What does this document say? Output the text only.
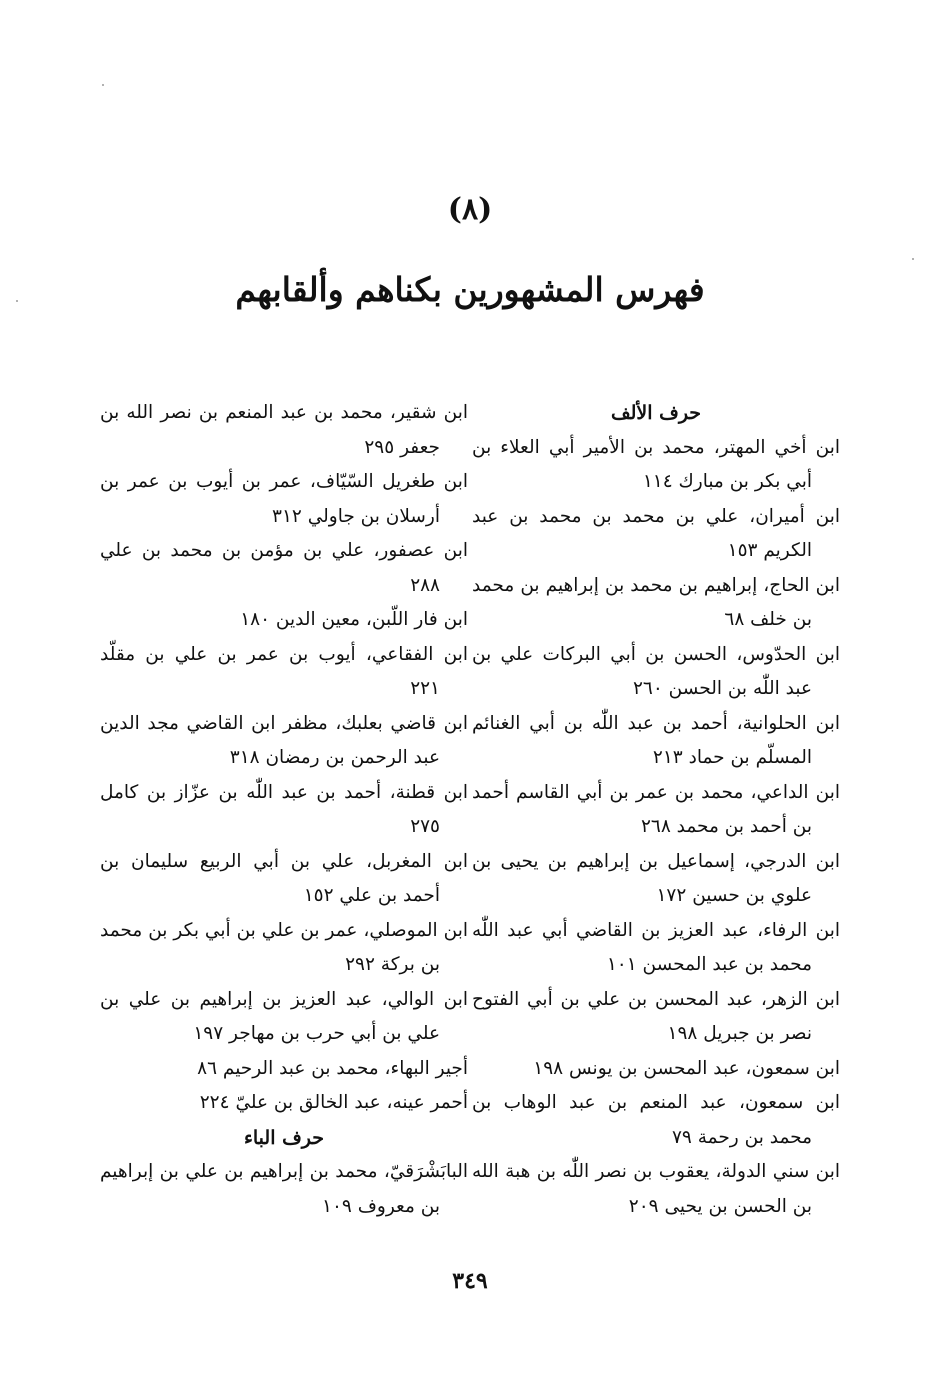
(٨)
فهرس المشهورين بكناهم وألقابهم

حرف الألف

ابن أخي المهتر، محمد بن الأمير أبي العلاء بن أبي بكر بن مبارك ١١٤

ابن أميران، علي بن محمد بن محمد بن عبد الكريم ١٥٣

ابن الحاج، إبراهيم بن محمد بن إبراهيم بن محمد بن خلف ٦٨

ابن الحدّوس، الحسن بن أبي البركات علي بن عبد اللّٰه بن الحسن ٢٦٠

ابن الحلوانية، أحمد بن عبد اللّٰه بن أبي الغنائم المسلّم بن حماد ٢١٣

ابن الداعي، محمد بن عمر بن أبي القاسم أحمد بن أحمد بن محمد ٢٦٨

ابن الدرجي، إسماعيل بن إبراهيم بن يحيى بن علوي بن حسين ١٧٢

ابن الرفاء، عبد العزيز بن القاضي أبي عبد اللّٰه محمد بن عبد المحسن ١٠١

ابن الزهر، عبد المحسن بن علي بن أبي الفتوح نصر بن جبريل ١٩٨

ابن سمعون، عبد المحسن بن يونس ١٩٨

ابن سمعون، عبد المنعم بن عبد الوهاب بن محمد بن رحمة ٧٩

ابن سني الدولة، يعقوب بن نصر اللّٰه بن هبة الله بن الحسن بن يحيى ٢٠٩

ابن شقير، محمد بن عبد المنعم بن نصر الله بن جعفر ٢٩٥

ابن طغريل السّيّاف، عمر بن أيوب بن عمر بن أرسلان بن جاولي ٣١٢

ابن عصفور، علي بن مؤمن بن محمد بن علي ٢٨٨

ابن فار اللّبن، معين الدين ١٨٠

ابن الفقاعي، أيوب بن عمر بن علي بن مقلّد ٢٢١

ابن قاضي بعلبك، مظفر ابن القاضي مجد الدين عبد الرحمن بن رمضان ٣١٨

ابن قطنة، أحمد بن عبد اللّٰه بن عزّاز بن كامل ٢٧٥

ابن المغربل، علي بن أبي الربيع سليمان بن أحمد بن علي ١٥٢

ابن الموصلي، عمر بن علي بن أبي بكر بن محمد بن بركة ٢٩٢

ابن الوالي، عبد العزيز بن إبراهيم بن علي بن علي بن أبي حرب بن مهاجر ١٩٧

أجير البهاء، محمد بن عبد الرحيم ٨٦

أحمر عينه، عبد الخالق بن عليّ ٢٢٤

حرف الباء

البابَشْرَقيّ، محمد بن إبراهيم بن علي بن إبراهيم بن معروف ١٠٩

٣٤٩
